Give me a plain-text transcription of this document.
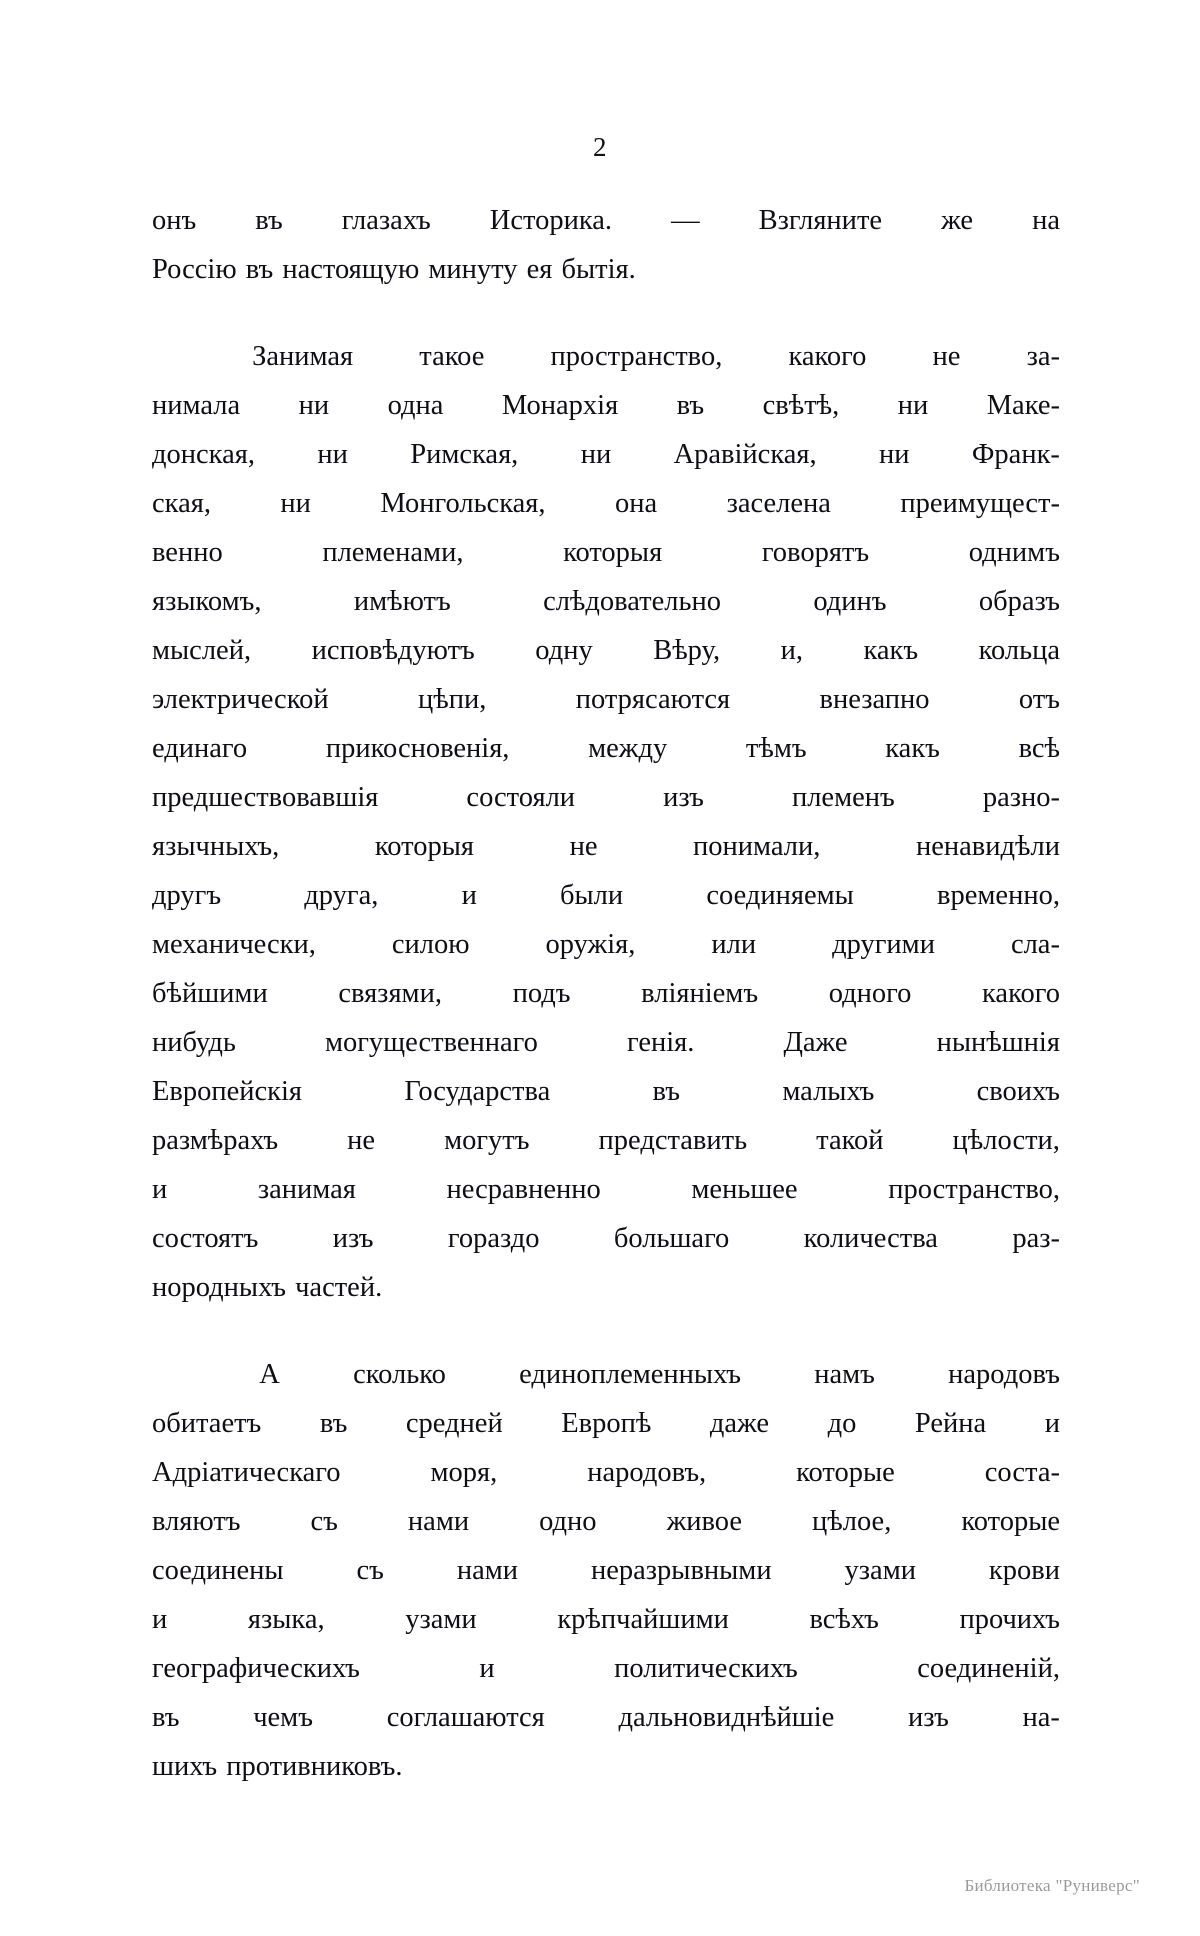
2
онъ въ глазахъ Историка. — Взгляните же на
Россію въ настоящую минуту ея бытія.
Занимая такое пространство, какого не за-
нимала ни одна Монархія въ свѣтѣ, ни Маке-
донская, ни Римская, ни Аравійская, ни Франк-
ская, ни Монгольская, она заселена преимущест-
венно	племенами,	которыя	говорятъ	однимъ
языкомъ,	имѣютъ	слѣдовательно	одинъ	образъ
мыслей, исповѣдуютъ одну Вѣру, и, какъ кольца
электрической	цѣпи,	потрясаются	внезапно	отъ
единаго	прикосновенія,	между	тѣмъ	какъ	всѣ
предшествовавшія	состояли	изъ	племенъ	разно-
язычныхъ,	которыя	не	понимали,	ненавидѣли
другъ	друга,	и	были	соединяемы	временно,
механически,	силою	оружія,	или	другими	сла-
бѣйшими связями, подъ вліяніемъ одного какого
нибудь	могущественнаго	генія.	Даже	нынѣшнія
Европейскія	Государства	въ	малыхъ	своихъ
размѣрахъ не могутъ представить такой цѣлости,
и	занимая	несравненно	меньшее	пространство,
состоятъ	изъ	гораздо	большаго	количества	раз-
нородныхъ частей.
А	сколько	единоплеменныхъ	намъ	народовъ
обитаетъ въ средней Европѣ даже до Рейна и
Адріатическаго	моря,	народовъ,	которые	соста-
вляютъ съ нами одно живое цѣлое, которые
соединены	съ	нами	неразрывными	узами	крови
и	языка,	узами	крѣпчайшими	всѣхъ	прочихъ
географическихъ	и	политическихъ	соединеній,
въ	чемъ	соглашаются	дальновиднѣйшіе	изъ	на-
шихъ противниковъ.
Библиотека "Руниверс"
